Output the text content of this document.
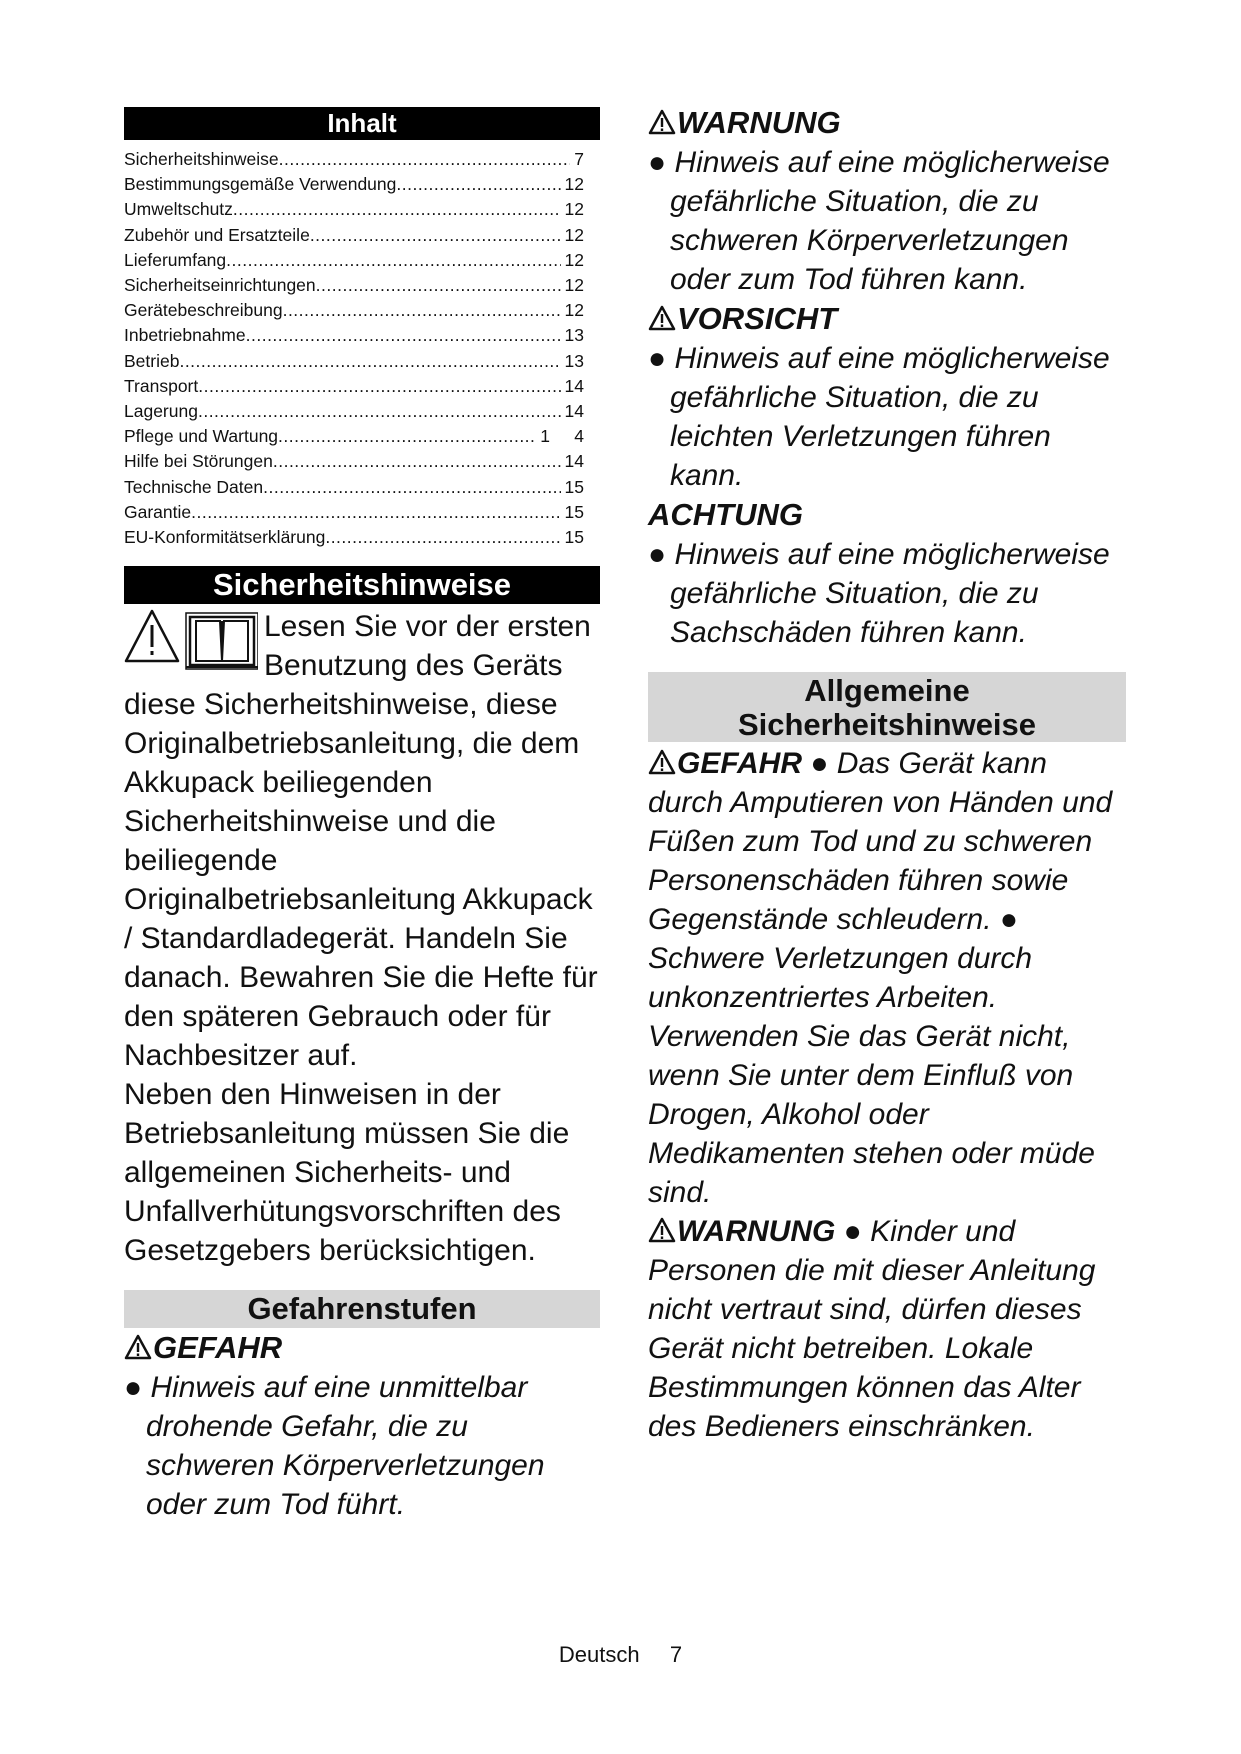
Inhalt
Sicherheitshinweise .....	7
Bestimmungsgemäße Verwendung .....	12
Umweltschutz .....	12
Zubehör und Ersatzteile .....	12
Lieferumfang .....	12
Sicherheitseinrichtungen .....	12
Gerätebeschreibung .....	12
Inbetriebnahme .....	13
Betrieb .....	13
Transport .....	14
Lagerung .....	14
Pflege und Wartung .....	1     4
Hilfe bei Störungen .....	14
Technische Daten .....	15
Garantie .....	15
EU-Konformitätserklärung .....	15
Sicherheitshinweise

Lesen Sie vor der ersten Benutzung des Geräts diese Sicherheitshinweise, diese Originalbetriebsanleitung, die dem Akkupack beiliegenden Sicherheitshinweise und die beiliegende Originalbetriebsanleitung Akkupack / Standardladegerät. Handeln Sie danach. Bewahren Sie die Hefte für den späteren Gebrauch oder für Nachbesitzer auf.

Neben den Hinweisen in der Betriebsanleitung müssen Sie die allgemeinen Sicherheits- und Unfallverhütungsvorschriften des Gesetzgebers berücksichtigen.

Gefahrenstufen

GEFAHR

● Hinweis auf eine unmittelbar drohende Gefahr, die zu schweren Körperverletzungen oder zum Tod führt.

WARNUNG

● Hinweis auf eine möglicherweise gefährliche Situation, die zu schweren Körperverletzungen oder zum Tod führen kann.

VORSICHT

● Hinweis auf eine möglicherweise gefährliche Situation, die zu leichten Verletzungen führen kann.

ACHTUNG

● Hinweis auf eine möglicherweise gefährliche Situation, die zu Sachschäden führen kann.

Allgemeine
Sicherheitshinweise

GEFAHR ● Das Gerät kann durch Amputieren von Händen und Füßen zum Tod und zu schweren Personenschäden führen sowie Gegenstände schleudern. ● Schwere Verletzungen durch unkonzentriertes Arbeiten. Verwenden Sie das Gerät nicht, wenn Sie unter dem Einfluß von Drogen, Alkohol oder Medikamenten stehen oder müde sind.

WARNUNG ● Kinder und Personen die mit dieser Anleitung nicht vertraut sind, dürfen dieses Gerät nicht betreiben. Lokale Bestimmungen können das Alter des Bedieners einschränken.

Deutsch 7
